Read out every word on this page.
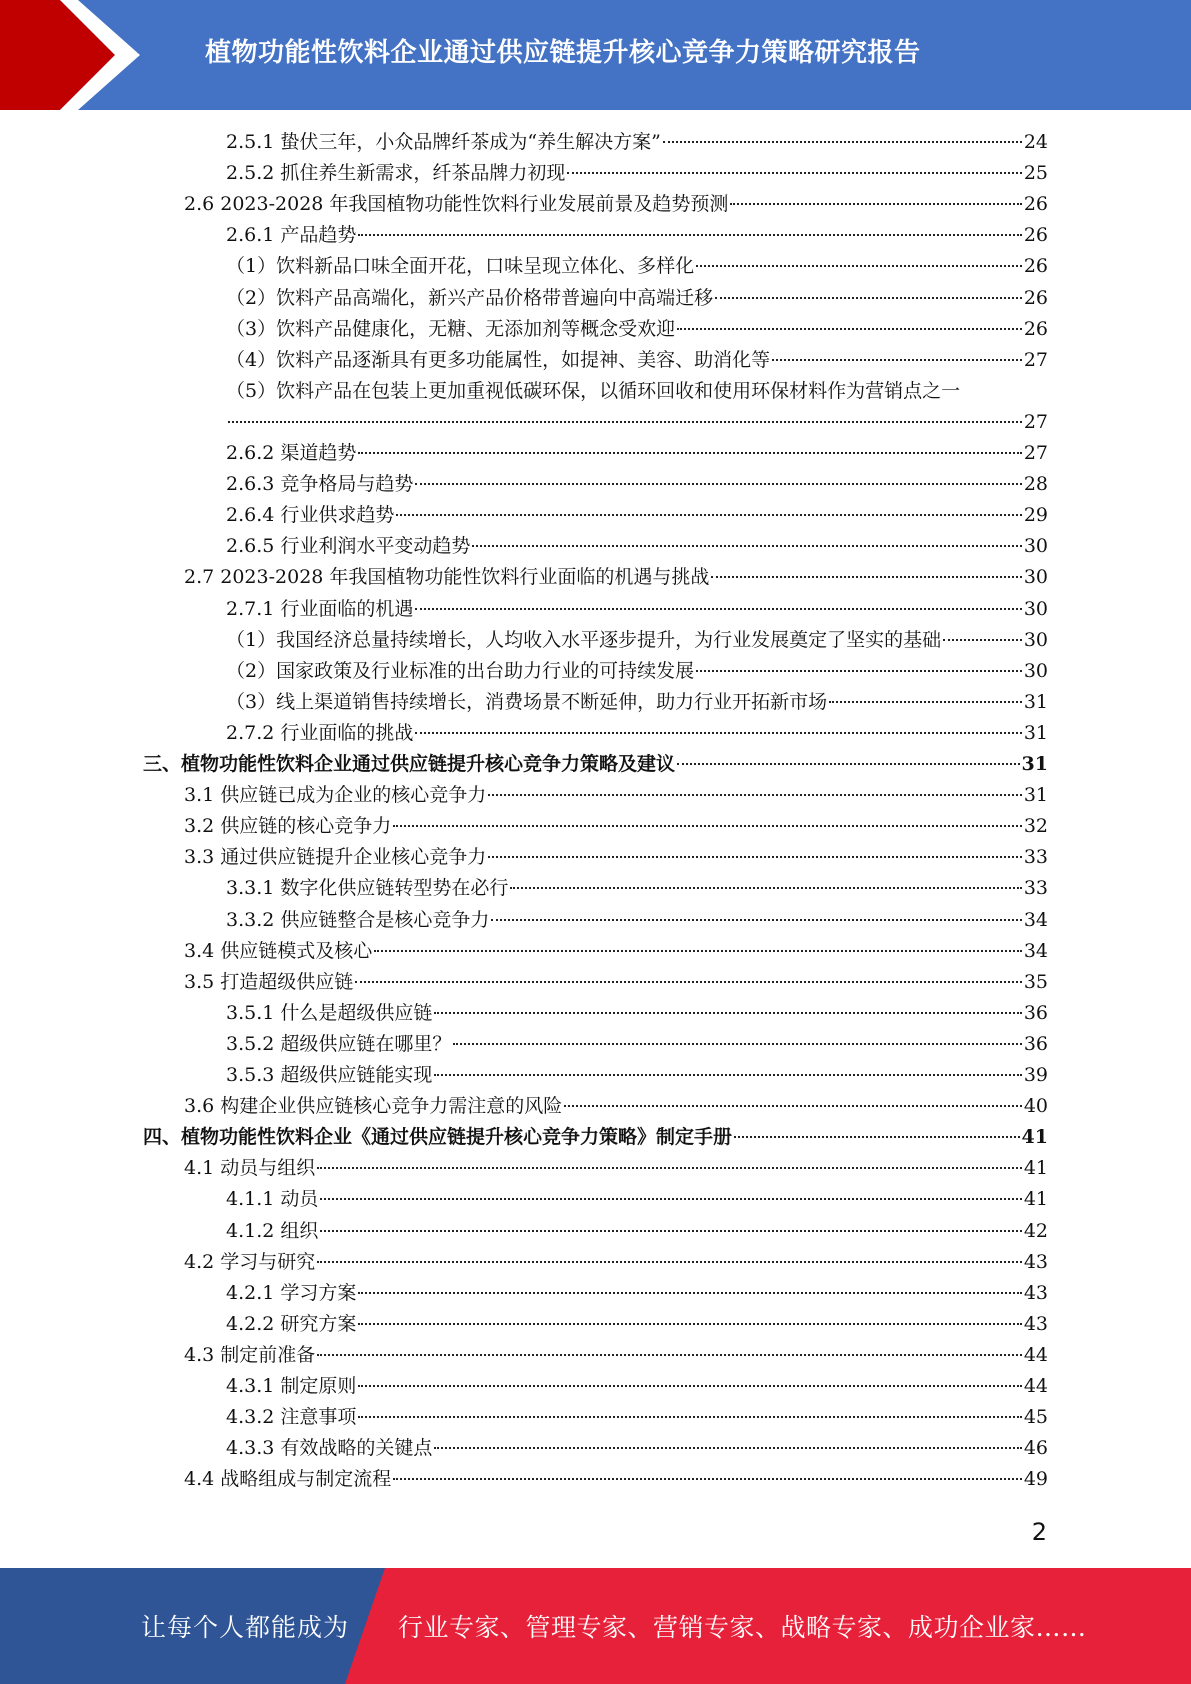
植物功能性饮料企业通过供应链提升核心竞争力策略研究报告
2.5.1 蛰伏三年，小众品牌纤茶成为“养生解决方案”	24
2.5.2 抓住养生新需求，纤茶品牌力初现	25
2.6 2023-2028 年我国植物功能性饮料行业发展前景及趋势预测	26
2.6.1 产品趋势	26
（1）饮料新品口味全面开花，口味呈现立体化、多样化	26
（2）饮料产品高端化，新兴产品价格带普遍向中高端迁移	26
（3）饮料产品健康化，无糖、无添加剂等概念受欢迎	26
（4）饮料产品逐渐具有更多功能属性，如提神、美容、助消化等	27
（5）饮料产品在包装上更加重视低碳环保，以循环回收和使用环保材料作为营销点之一
27
2.6.2 渠道趋势	27
2.6.3 竞争格局与趋势	28
2.6.4 行业供求趋势	29
2.6.5 行业利润水平变动趋势	30
2.7 2023-2028 年我国植物功能性饮料行业面临的机遇与挑战	30
2.7.1 行业面临的机遇	30
（1）我国经济总量持续增长，人均收入水平逐步提升，为行业发展奠定了坚实的基础	30
（2）国家政策及行业标准的出台助力行业的可持续发展	30
（3）线上渠道销售持续增长，消费场景不断延伸，助力行业开拓新市场	31
2.7.2 行业面临的挑战	31
三、植物功能性饮料企业通过供应链提升核心竞争力策略及建议	31
3.1 供应链已成为企业的核心竞争力	31
3.2 供应链的核心竞争力	32
3.3 通过供应链提升企业核心竞争力	33
3.3.1 数字化供应链转型势在必行	33
3.3.2 供应链整合是核心竞争力	34
3.4 供应链模式及核心	34
3.5 打造超级供应链	35
3.5.1 什么是超级供应链	36
3.5.2 超级供应链在哪里？	36
3.5.3 超级供应链能实现	39
3.6 构建企业供应链核心竞争力需注意的风险	40
四、植物功能性饮料企业《通过供应链提升核心竞争力策略》制定手册	41
4.1 动员与组织	41
4.1.1 动员	41
4.1.2 组织	42
4.2 学习与研究	43
4.2.1 学习方案	43
4.2.2 研究方案	43
4.3 制定前准备	44
4.3.1 制定原则	44
4.3.2 注意事项	45
4.3.3 有效战略的关键点	46
4.4 战略组成与制定流程	49
2
让每个人都能成为 行业专家、管理专家、营销专家、战略专家、成功企业家……
